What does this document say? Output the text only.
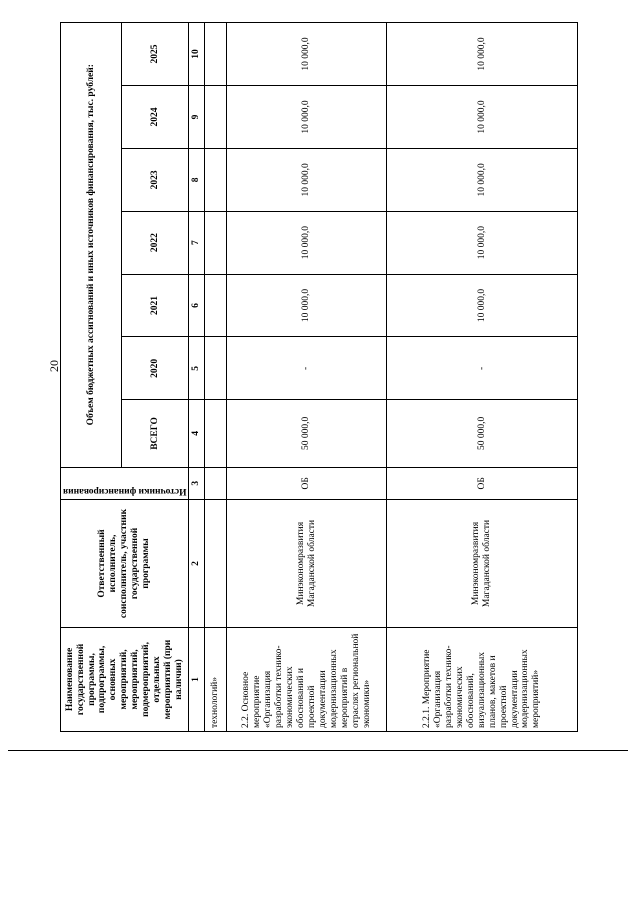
20
Наименование государственной программы, подпрограммы, основных мероприятий, мероприятий, подмероприятий, отдельных мероприятий (при наличии)	Ответственный исполнитель, соисполнитель, участник государственной программы	Источники финансирования	Объем бюджетных ассигнований и иных источников финансирования, тыс. рублей:						
			ВСЕГО	2020	2021	2022	2023	2024	2025
1	2	3	4	5	6	7	8	9	10
технологий»									
2.2. Основное мероприятие «Организация разработки технико-экономических обоснований и проектной документации модернизационных мероприятий в отраслях региональной экономики»	Минэкономразвития Магаданской области	ОБ	50 000,0	-	10 000,0	10 000,0	10 000,0	10 000,0	10 000,0
2.2.1. Мероприятие «Организация разработки технико-экономических обоснований, визуализационных планов, макетов и проектной документации модернизационных мероприятий»	Минэкономразвития Магаданской области	ОБ	50 000,0	-	10 000,0	10 000,0	10 000,0	10 000,0	10 000,0
